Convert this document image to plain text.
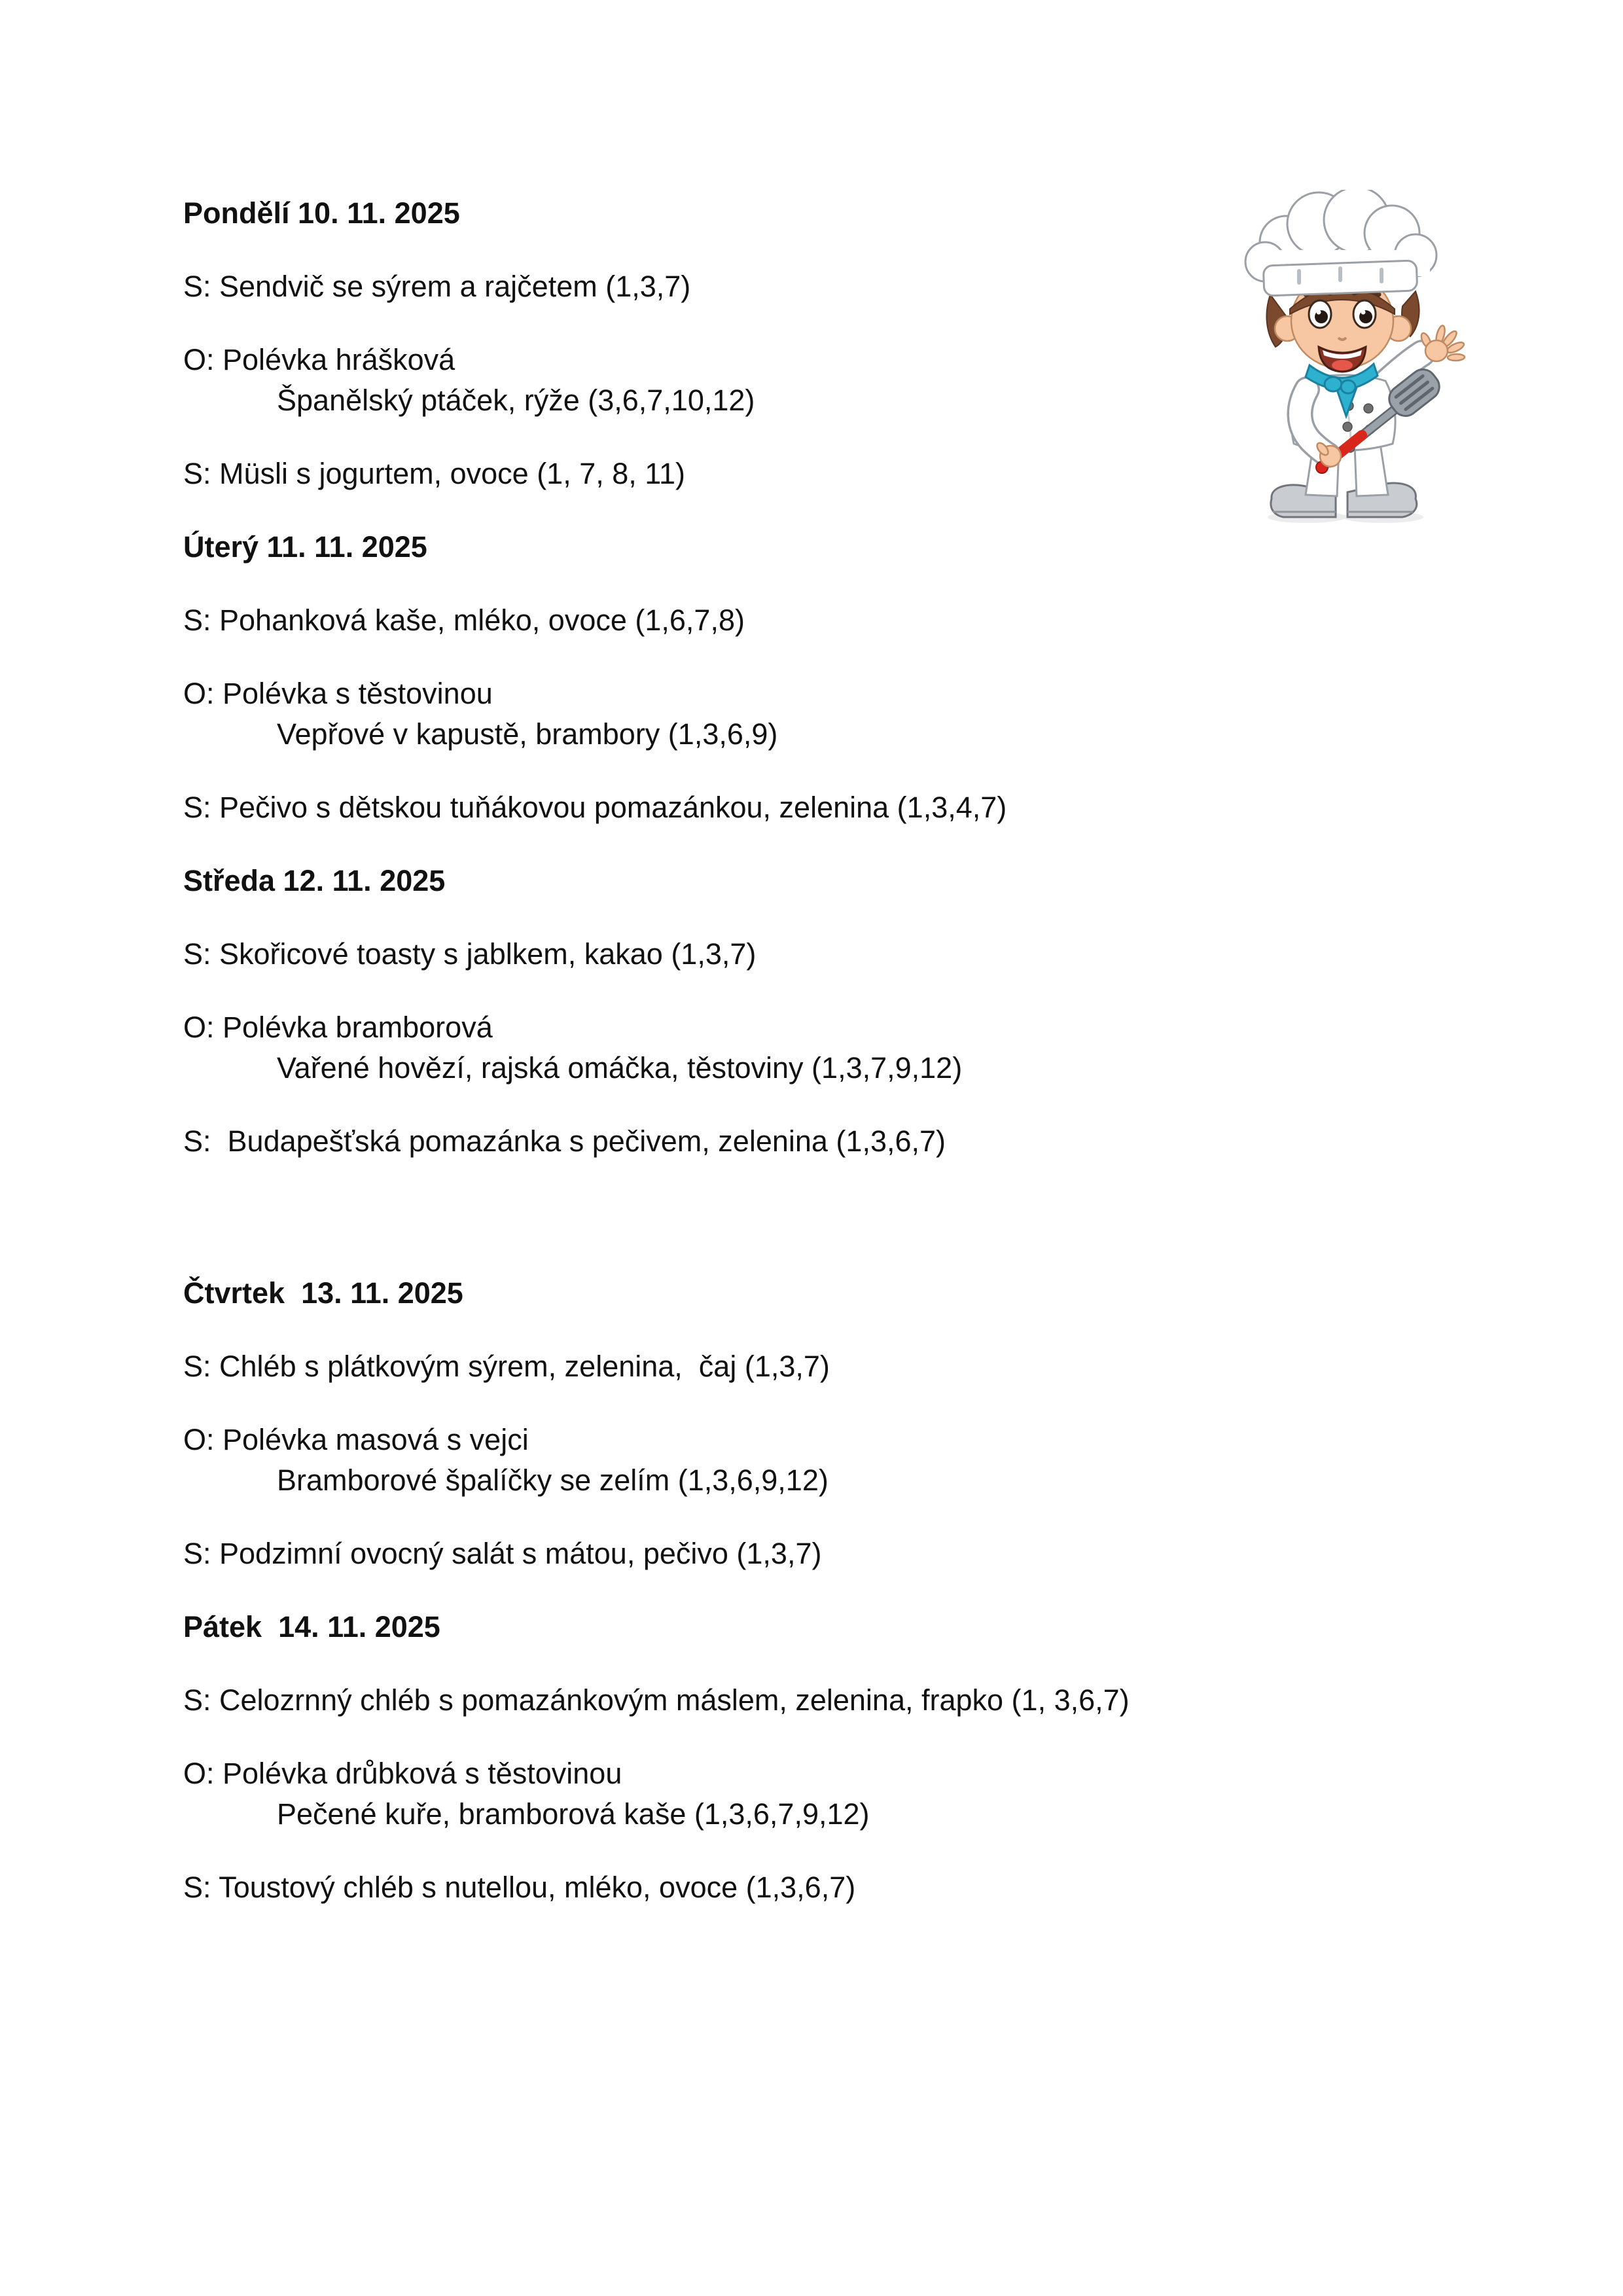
Pondělí 10. 11. 2025

S: Sendvič se sýrem a rajčetem (1,3,7)

O: Polévka hrášková

Španělský ptáček, rýže (3,6,7,10,12)

S: Müsli s jogurtem, ovoce (1, 7, 8, 11)

Úterý 11. 11. 2025

S: Pohanková kaše, mléko, ovoce (1,6,7,8)

O: Polévka s těstovinou

Vepřové v kapustě, brambory (1,3,6,9)

S: Pečivo s dětskou tuňákovou pomazánkou, zelenina (1,3,4,7)

Středa 12. 11. 2025

S: Skořicové toasty s jablkem, kakao (1,3,7)

O: Polévka bramborová

Vařené hovězí, rajská omáčka, těstoviny (1,3,7,9,12)

S:  Budapešťská pomazánka s pečivem, zelenina (1,3,6,7)

Čtvrtek  13. 11. 2025

S: Chléb s plátkovým sýrem, zelenina,  čaj (1,3,7)

O: Polévka masová s vejci

Bramborové špalíčky se zelím (1,3,6,9,12)

S: Podzimní ovocný salát s mátou, pečivo (1,3,7)

Pátek  14. 11. 2025

S: Celozrnný chléb s pomazánkovým máslem, zelenina, frapko (1, 3,6,7)

O: Polévka drůbková s těstovinou

Pečené kuře, bramborová kaše (1,3,6,7,9,12)

S: Toustový chléb s nutellou, mléko, ovoce (1,3,6,7)
